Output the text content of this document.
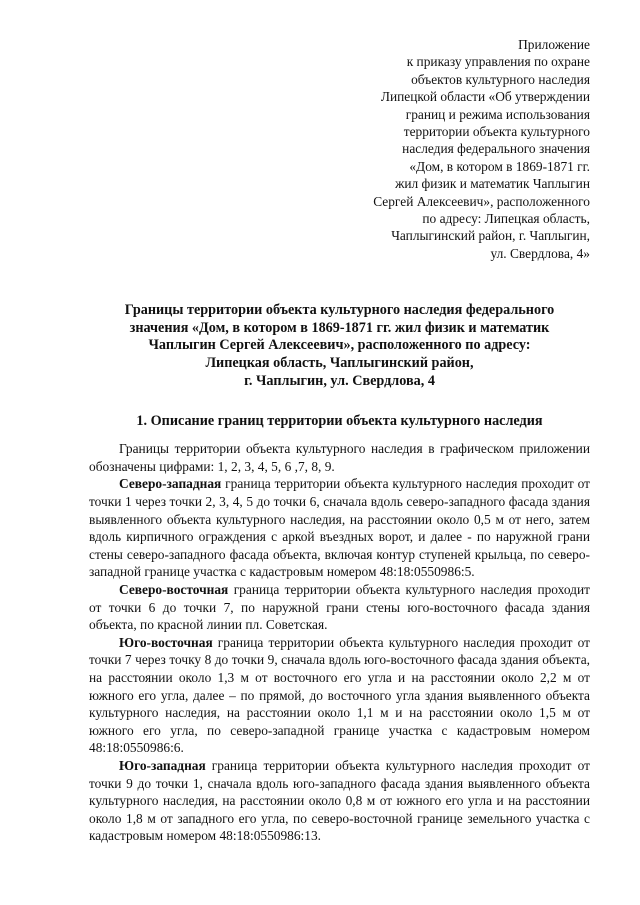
Приложение
к приказу управления по охране
объектов культурного наследия
Липецкой области «Об утверждении
границ и режима использования
территории объекта культурного
наследия федерального значения
«Дом, в котором в 1869-1871 гг.
жил физик и математик Чаплыгин
Сергей Алексеевич», расположенного
по адресу: Липецкая область,
Чаплыгинский район, г. Чаплыгин,
ул. Свердлова, 4»
Границы территории объекта культурного наследия федерального
значения «Дом, в котором в 1869-1871 гг. жил физик и математик
Чаплыгин Сергей Алексеевич», расположенного по адресу:
Липецкая область, Чаплыгинский район,
г. Чаплыгин, ул. Свердлова, 4
1. Описание границ территории объекта культурного наследия

Границы территории объекта культурного наследия в графическом приложении обозначены цифрами: 1, 2, 3, 4, 5, 6 ,7, 8, 9.

Северо-западная граница территории объекта культурного наследия проходит от точки 1 через точки 2, 3, 4, 5 до точки 6, сначала вдоль северо-западного фасада здания выявленного объекта культурного наследия, на расстоянии около 0,5 м от него, затем вдоль кирпичного ограждения с аркой въездных ворот, и далее - по наружной грани стены северо-западного фасада объекта, включая контур ступеней крыльца, по северо-западной границе участка с кадастровым номером 48:18:0550986:5.

Северо-восточная граница территории объекта культурного наследия проходит от точки 6 до точки 7, по наружной грани стены юго-восточного фасада здания объекта, по красной линии пл. Советская.

Юго-восточная граница территории объекта культурного наследия проходит от точки 7 через точку 8 до точки 9, сначала вдоль юго-восточного фасада здания объекта, на расстоянии около 1,3 м от восточного его угла и на расстоянии около 2,2 м от южного его угла, далее – по прямой, до восточного угла здания выявленного объекта культурного наследия, на расстоянии около 1,1 м и на расстоянии около 1,5 м от южного его угла, по северо-западной границе участка с кадастровым номером 48:18:0550986:6.

Юго-западная граница территории объекта культурного наследия проходит от точки 9 до точки 1, сначала вдоль юго-западного фасада здания выявленного объекта культурного наследия, на расстоянии около 0,8 м от южного его угла и на расстоянии около 1,8 м от западного его угла, по северо-восточной границе земельного участка с кадастровым номером 48:18:0550986:13.
